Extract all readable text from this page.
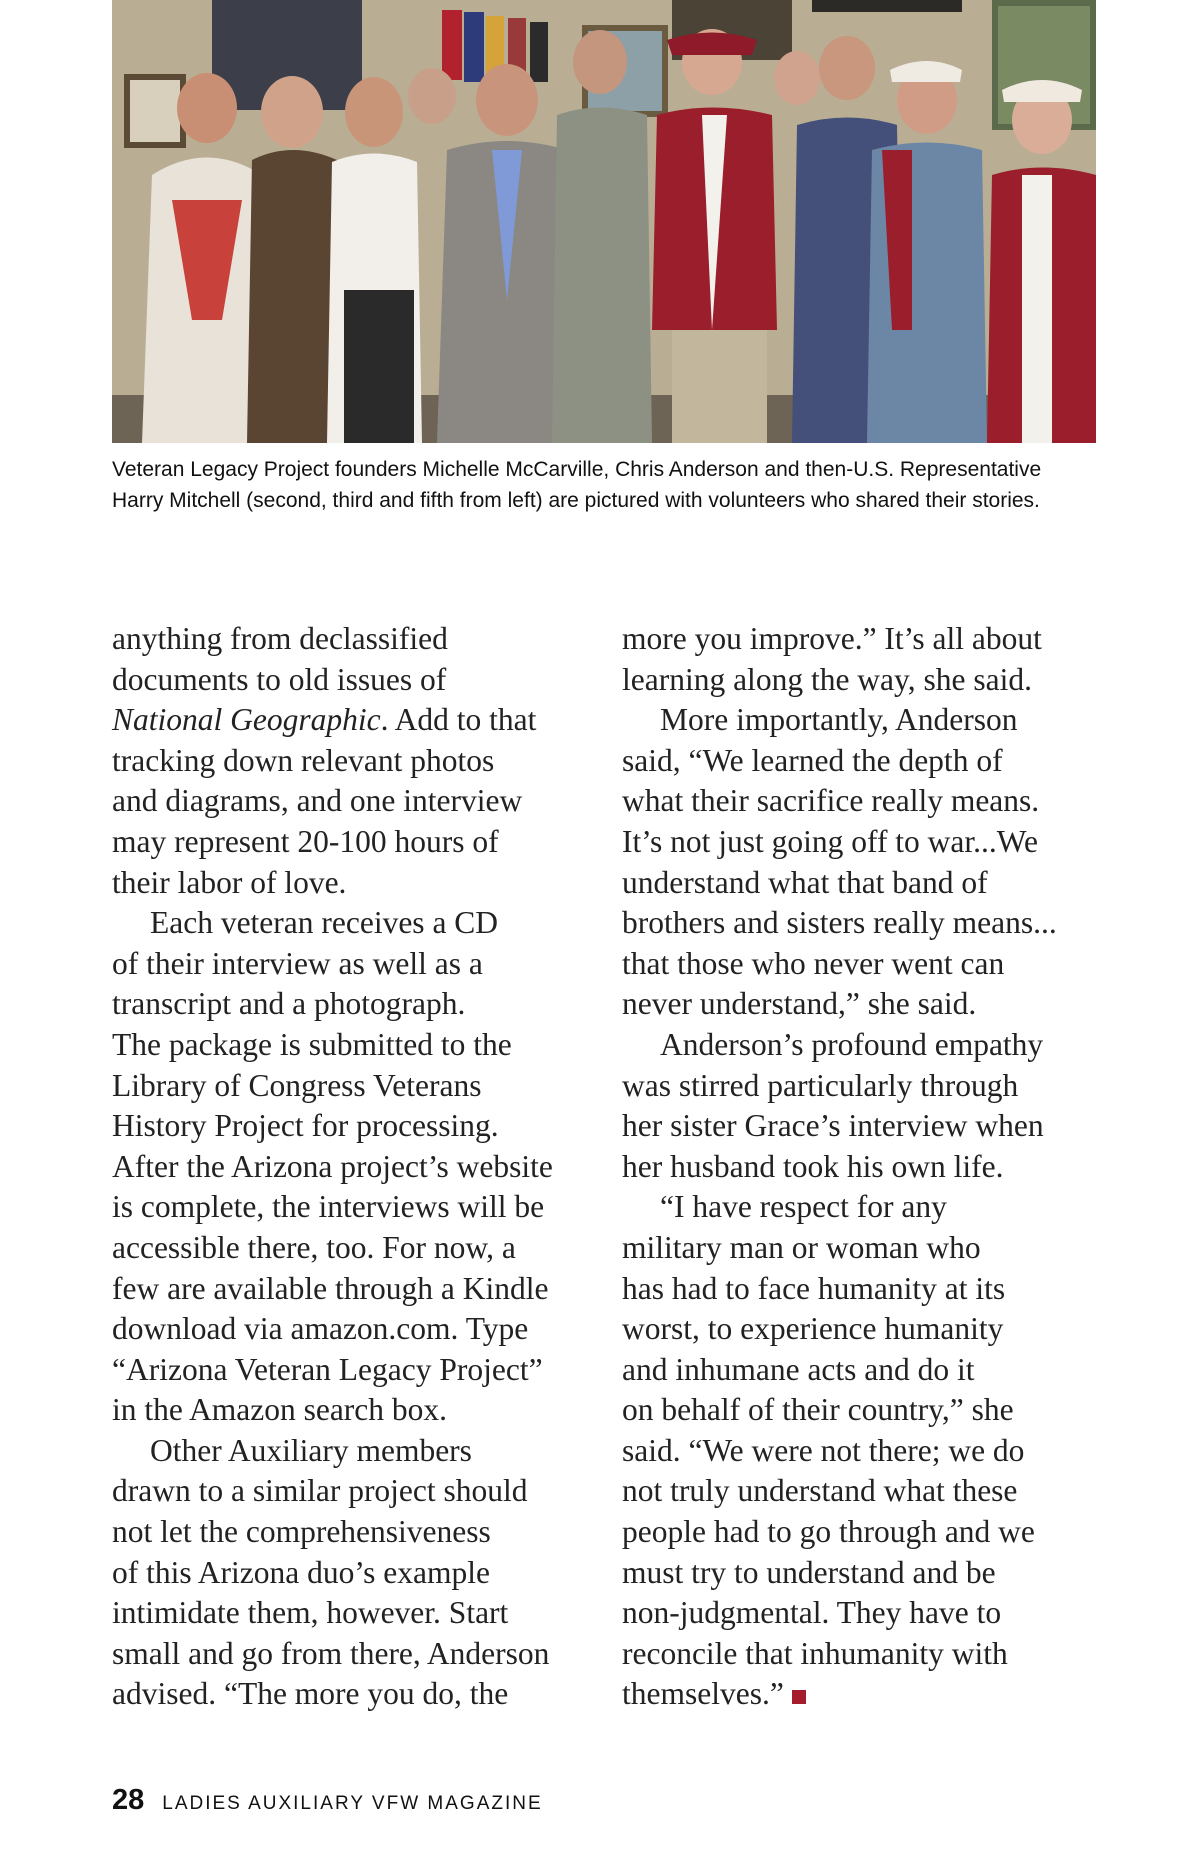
Veteran Legacy Project founders Michelle McCarville, Chris Anderson and then-U.S. Representative Harry Mitchell (second, third and fifth from left) are pictured with volunteers who shared their stories.

anything from declassified

documents to old issues of

National Geographic. Add to that

tracking down relevant photos

and diagrams, and one interview

may represent 20-100 hours of

their labor of love.

Each veteran receives a CD

of their interview as well as a

transcript and a photograph.

The package is submitted to the

Library of Congress Veterans

History Project for processing.

After the Arizona project’s website

is complete, the interviews will be

accessible there, too. For now, a

few are available through a Kindle

download via amazon.com. Type

“Arizona Veteran Legacy Project”

in the Amazon search box.

Other Auxiliary members

drawn to a similar project should

not let the comprehensiveness

of this Arizona duo’s example

intimidate them, however. Start

small and go from there, Anderson

advised. “The more you do, the

more you improve.” It’s all about

learning along the way, she said.

More importantly, Anderson

said, “We learned the depth of

what their sacrifice really means.

It’s not just going off to war...We

understand what that band of

brothers and sisters really means...

that those who never went can

never understand,” she said.

Anderson’s profound empathy

was stirred particularly through

her sister Grace’s interview when

her husband took his own life.

“I have respect for any

military man or woman who

has had to face humanity at its

worst, to experience humanity

and inhumane acts and do it

on behalf of their country,” she

said. “We were not there; we do

not truly understand what these

people had to go through and we

must try to understand and be

non-judgmental. They have to

reconcile that inhumanity with

themselves.”

28 LADIES AUXILIARY VFW MAGAZINE
